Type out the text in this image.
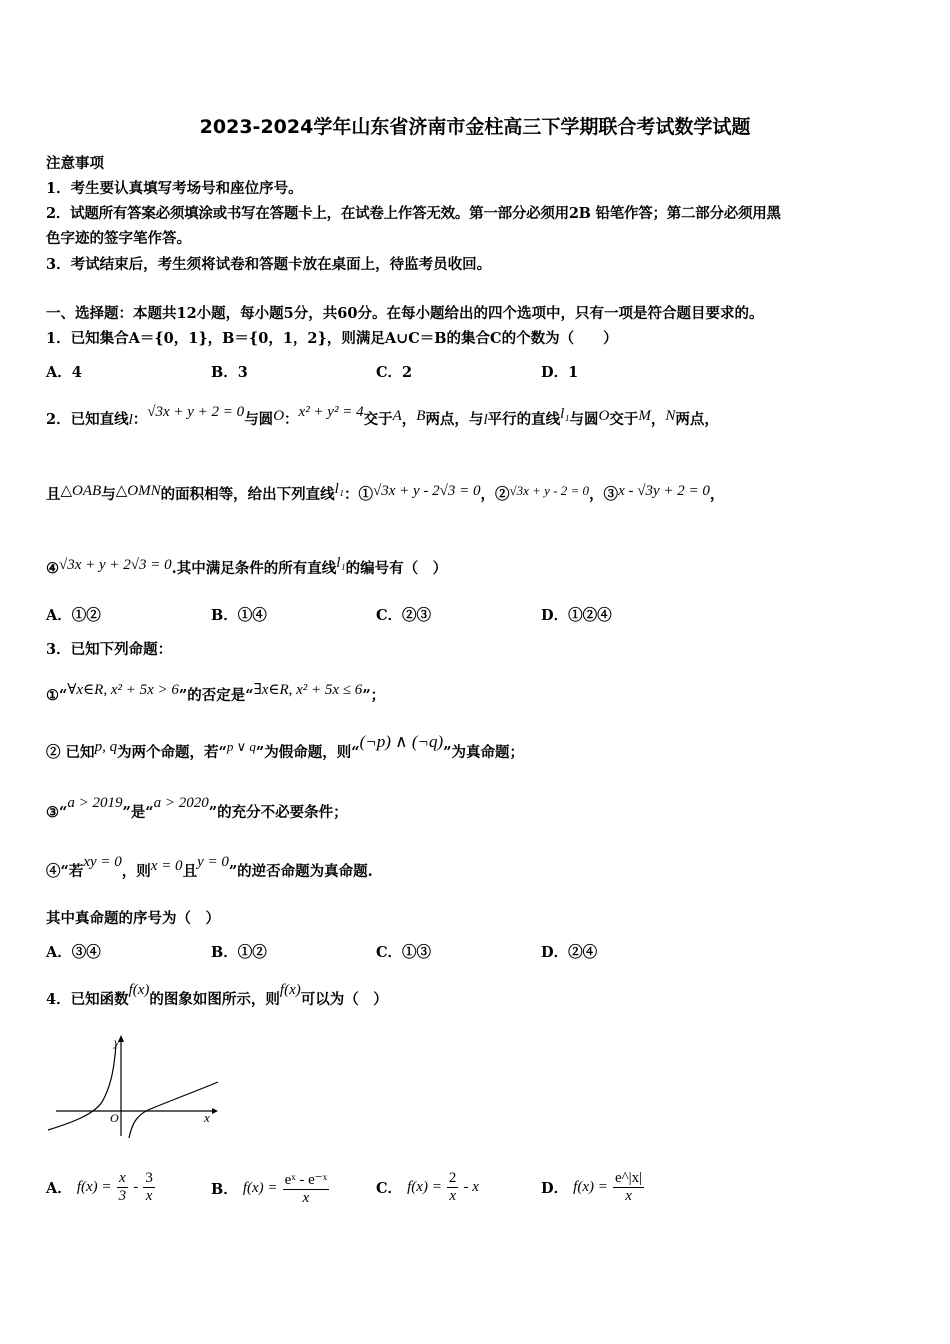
2023-2024学年山东省济南市金柱高三下学期联合考试数学试题
注意事项
1．考生要认真填写考场号和座位序号。
2．试题所有答案必须填涂或书写在答题卡上，在试卷上作答无效。第一部分必须用2B 铅笔作答；第二部分必须用黑
色字迹的签字笔作答。
3．考试结束后，考生须将试卷和答题卡放在桌面上，待监考员收回。
一、选择题：本题共12小题，每小题5分，共60分。在每小题给出的四个选项中，只有一项是符合题目要求的。
1．已知集合A＝{0，1}，B＝{0，1，2}，则满足A∪C＝B的集合C的个数为（　　）
A．4	B．3	C．2	D．1
2．已知直线l：√3x + y + 2 = 0与圆O：x² + y² = 4交于A，B两点，与l平行的直线l₁与圆O交于M，N两点，
且△OAB与△OMN的面积相等，给出下列直线l₁：①√3x + y - 2√3 = 0，②√3x + y - 2 = 0，③x - √3y + 2 = 0，
④√3x + y + 2√3 = 0.其中满足条件的所有直线l₁的编号有（　）
A．①②	B．①④	C．②③	D．①②④
3．已知下列命题：
①“∀x∈R, x² + 5x > 6”的否定是“∃x∈R, x² + 5x ≤ 6”；
② 已知p, q为两个命题，若“p ∨ q”为假命题，则“(¬p) ∧ (¬q)”为真命题；
③“a > 2019”是“a > 2020”的充分不必要条件；
④“若xy = 0，则x = 0且y = 0”的逆否命题为真命题.
其中真命题的序号为（　）
A．③④	B．①②	C．①③	D．②④
4．已知函数f(x)的图象如图所示，则f(x)可以为（　）
y
x
O
A． $f(x) = \frac{x}{3} - \frac{3}{x}$	B． $f(x) = \frac{\text{eˣ - e⁻ˣ}}{x}$	C． $f(x) = \frac{2}{x} - x$	D． $f(x) = \frac{e\^{}|x|}{x}$
